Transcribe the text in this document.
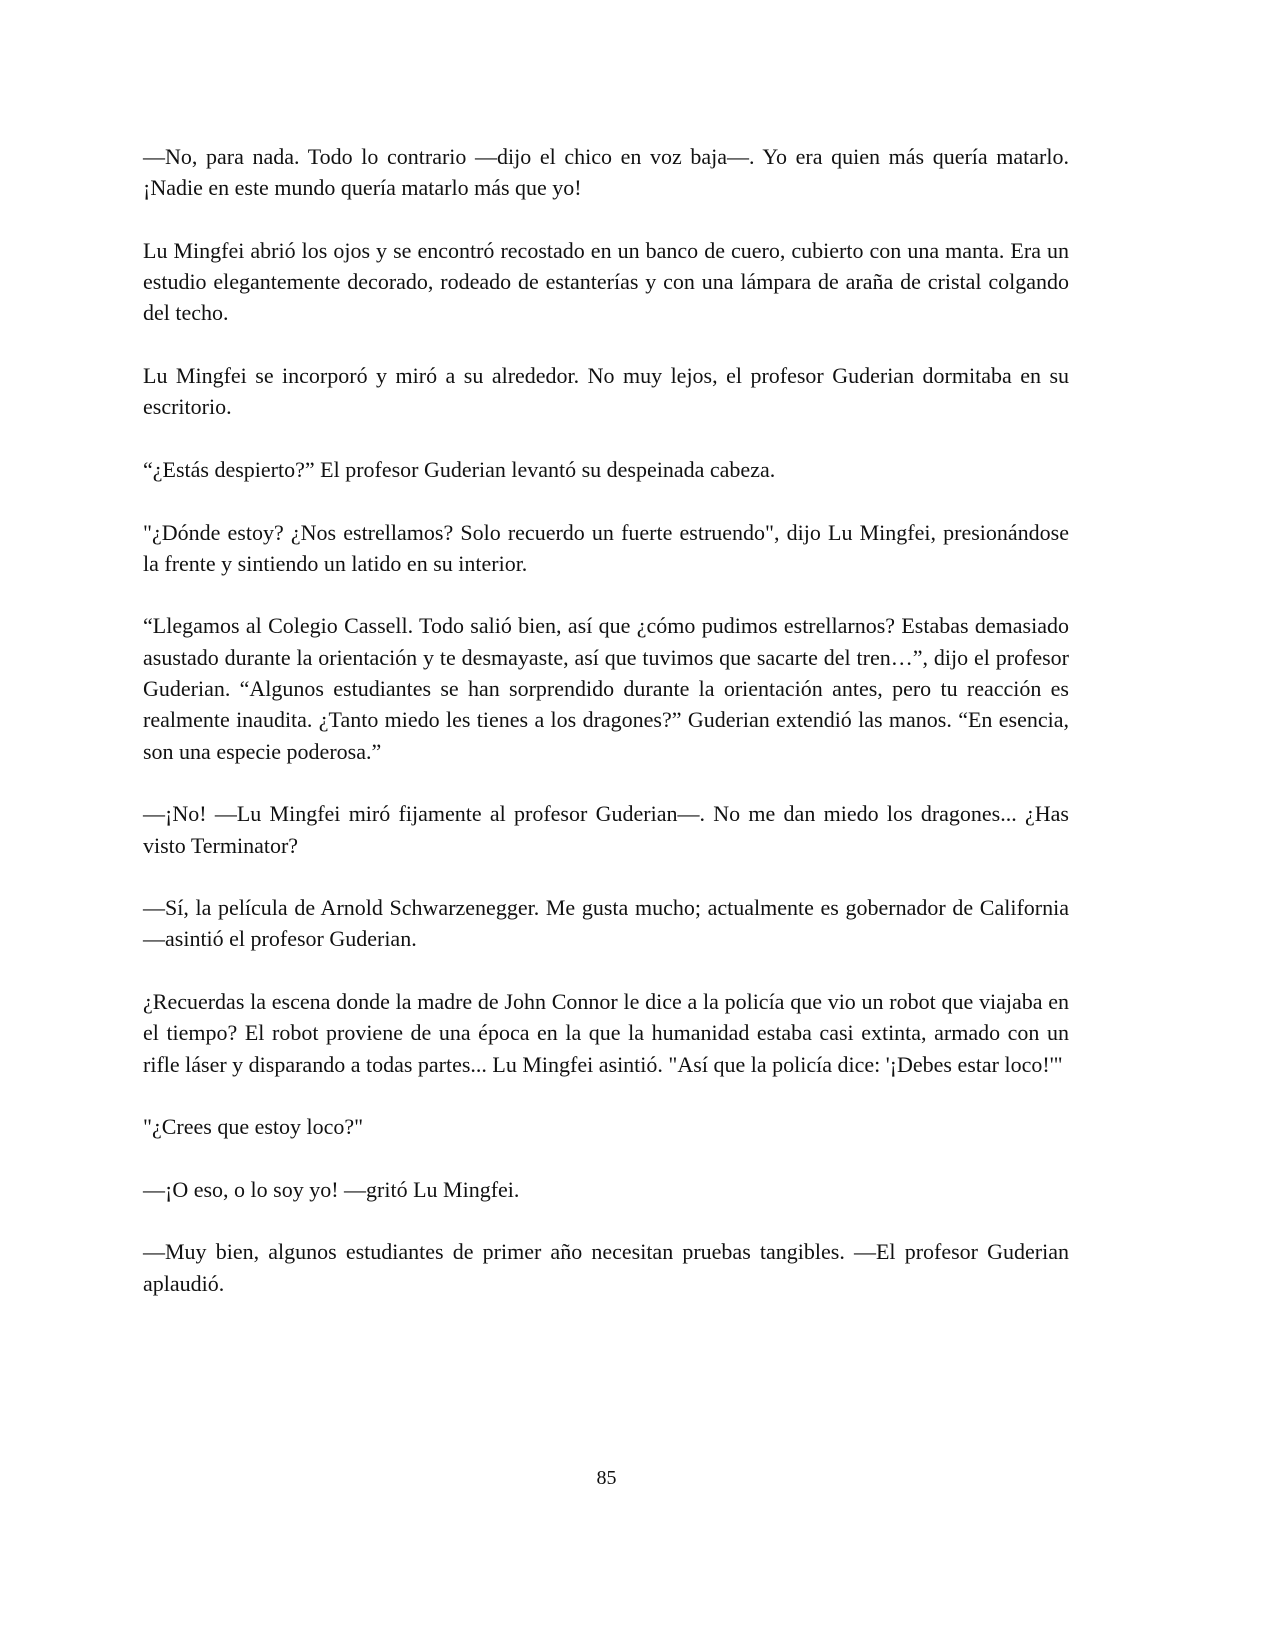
—No, para nada. Todo lo contrario —dijo el chico en voz baja—. Yo era quien más quería matarlo. ¡Nadie en este mundo quería matarlo más que yo!

Lu Mingfei abrió los ojos y se encontró recostado en un banco de cuero, cubierto con una manta. Era un estudio elegantemente decorado, rodeado de estanterías y con una lámpara de araña de cristal colgando del techo.

Lu Mingfei se incorporó y miró a su alrededor. No muy lejos, el profesor Guderian dormitaba en su escritorio.

“¿Estás despierto?” El profesor Guderian levantó su despeinada cabeza.

"¿Dónde estoy? ¿Nos estrellamos? Solo recuerdo un fuerte estruendo", dijo Lu Mingfei, presionándose la frente y sintiendo un latido en su interior.

“Llegamos al Colegio Cassell. Todo salió bien, así que ¿cómo pudimos estrellarnos? Estabas demasiado asustado durante la orientación y te desmayaste, así que tuvimos que sacarte del tren…”, dijo el profesor Guderian. “Algunos estudiantes se han sorprendido durante la orientación antes, pero tu reacción es realmente inaudita. ¿Tanto miedo les tienes a los dragones?” Guderian extendió las manos. “En esencia, son una especie poderosa.”

—¡No! —Lu Mingfei miró fijamente al profesor Guderian—. No me dan miedo los dragones... ¿Has visto Terminator?

—Sí, la película de Arnold Schwarzenegger. Me gusta mucho; actualmente es gobernador de California —asintió el profesor Guderian.

¿Recuerdas la escena donde la madre de John Connor le dice a la policía que vio un robot que viajaba en el tiempo? El robot proviene de una época en la que la humanidad estaba casi extinta, armado con un rifle láser y disparando a todas partes... Lu Mingfei asintió. "Así que la policía dice: '¡Debes estar loco!'"

"¿Crees que estoy loco?"

—¡O eso, o lo soy yo! —gritó Lu Mingfei.

—Muy bien, algunos estudiantes de primer año necesitan pruebas tangibles. —El profesor Guderian aplaudió.

85
